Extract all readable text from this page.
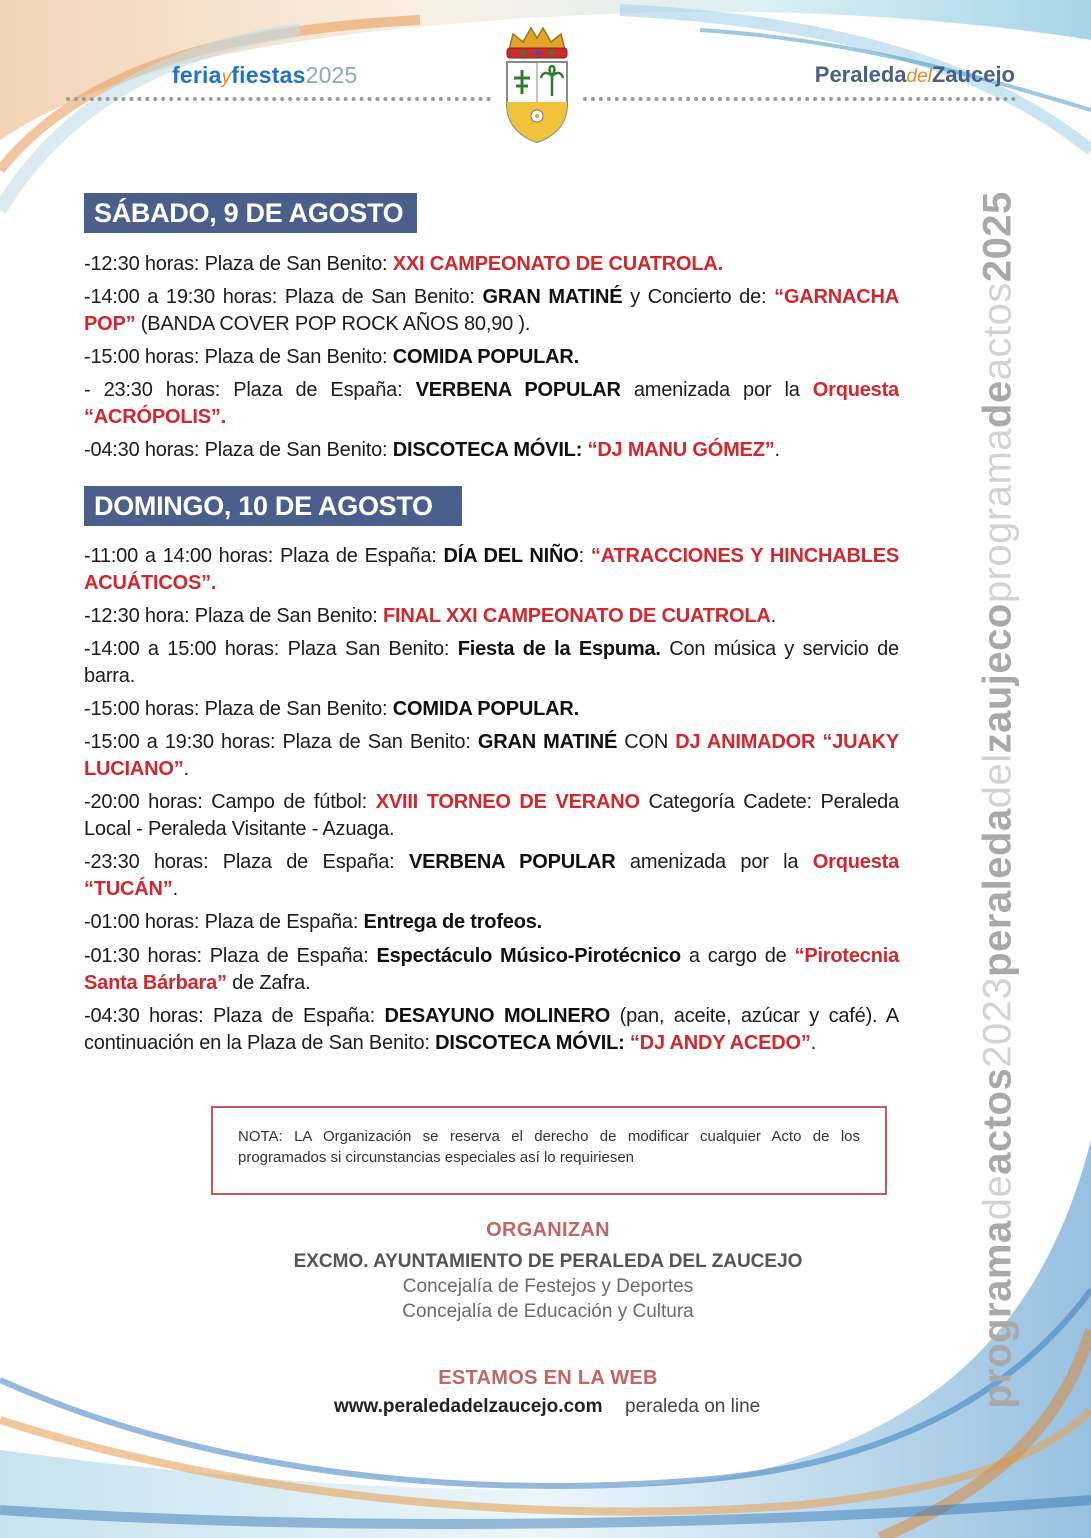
feriayfiestas2025	PeraledadelZaucejo
programadeactos2023peraledadelzaujecoprogramadeactos2025
SÁBADO, 9 DE AGOSTO
-12:30 horas: Plaza de San Benito: XXI CAMPEONATO DE CUATROLA.
-14:00 a 19:30 horas: Plaza de San Benito: GRAN MATINÉ y Concierto de: “GARNACHA POP” (BANDA COVER POP ROCK AÑOS 80,90 ).
-15:00 horas: Plaza de San Benito: COMIDA POPULAR.
- 23:30 horas: Plaza de España: VERBENA POPULAR amenizada por la Orquesta “ACRÓPOLIS”.
-04:30 horas: Plaza de San Benito: DISCOTECA MÓVIL: “DJ MANU GÓMEZ”.
DOMINGO, 10 DE AGOSTO
-11:00 a 14:00 horas: Plaza de España: DÍA DEL NIÑO: “ATRACCIONES Y HINCHABLES ACUÁTICOS”.
-12:30 hora: Plaza de San Benito: FINAL XXI CAMPEONATO DE CUATROLA.
-14:00 a 15:00 horas: Plaza San Benito: Fiesta de la Espuma. Con música y servicio de barra.
-15:00 horas: Plaza de San Benito: COMIDA POPULAR.
-15:00 a 19:30 horas: Plaza de San Benito: GRAN MATINÉ CON DJ ANIMADOR “JUAKY LUCIANO”.
-20:00 horas: Campo de fútbol: XVIII TORNEO DE VERANO Categoría Cadete: Peraleda Local - Peraleda Visitante - Azuaga.
-23:30 horas: Plaza de España: VERBENA POPULAR amenizada por la Orquesta “TUCÁN”.
-01:00 horas: Plaza de España: Entrega de trofeos.
-01:30 horas: Plaza de España: Espectáculo Músico-Pirotécnico a cargo de “Pirotecnia Santa Bárbara” de Zafra.
-04:30 horas: Plaza de España: DESAYUNO MOLINERO (pan, aceite, azúcar y café). A continuación en la Plaza de San Benito: DISCOTECA MÓVIL: “DJ ANDY ACEDO”.
NOTA: LA Organización se reserva el derecho de modificar cualquier Acto de los programados si circunstancias especiales así lo requiriesen
ORGANIZAN
EXCMO. AYUNTAMIENTO DE PERALEDA DEL ZAUCEJO
Concejalía de Festejos y Deportes
Concejalía de Educación y Cultura
ESTAMOS EN LA WEB
www.peraledadelzaucejo.com peraleda on line
